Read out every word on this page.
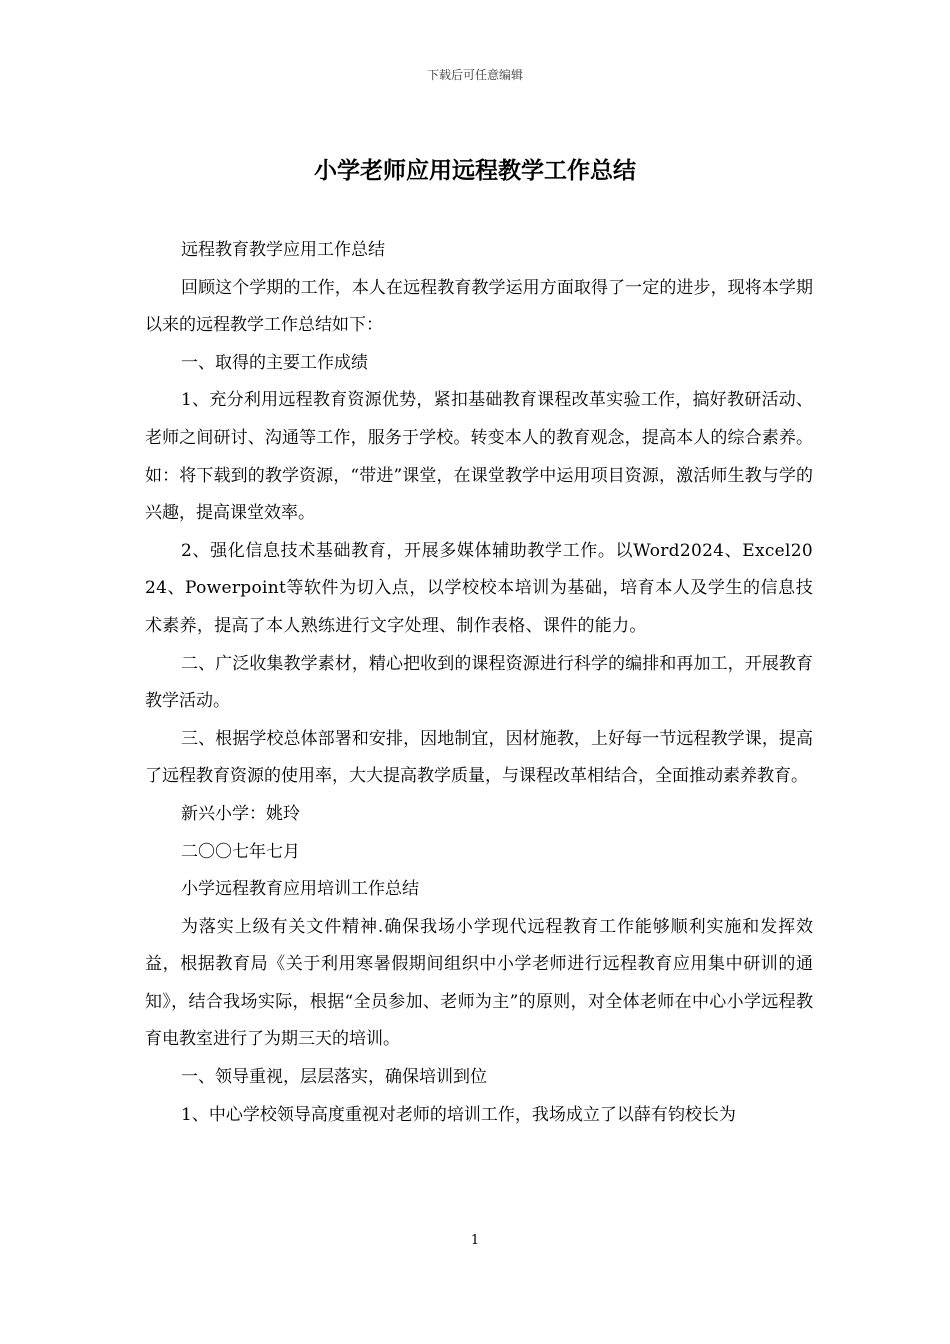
下载后可任意编辑
小学老师应用远程教学工作总结

远程教育教学应用工作总结

回顾这个学期的工作，本人在远程教育教学运用方面取得了一定的进步，现将本学期以来的远程教学工作总结如下：

一、取得的主要工作成绩

1、充分利用远程教育资源优势，紧扣基础教育课程改革实验工作，搞好教研活动、老师之间研讨、沟通等工作，服务于学校。转变本人的教育观念，提高本人的综合素养。如：将下载到的教学资源，“带进”课堂，在课堂教学中运用项目资源，激活师生教与学的兴趣，提高课堂效率。

2、强化信息技术基础教育，开展多媒体辅助教学工作。以Word2024、Excel2024、Powerpoint等软件为切入点，以学校校本培训为基础，培育本人及学生的信息技术素养，提高了本人熟练进行文字处理、制作表格、课件的能力。

二、广泛收集教学素材，精心把收到的课程资源进行科学的编排和再加工，开展教育教学活动。

三、根据学校总体部署和安排，因地制宜，因材施教，上好每一节远程教学课，提高了远程教育资源的使用率，大大提高教学质量，与课程改革相结合，全面推动素养教育。

新兴小学：姚玲

二〇〇七年七月

小学远程教育应用培训工作总结

为落实上级有关文件精神.确保我场小学现代远程教育工作能够顺利实施和发挥效益，根据教育局《关于利用寒暑假期间组织中小学老师进行远程教育应用集中研训的通知》，结合我场实际，根据“全员参加、老师为主”的原则，对全体老师在中心小学远程教育电教室进行了为期三天的培训。

一、领导重视，层层落实，确保培训到位

1、中心学校领导高度重视对老师的培训工作，我场成立了以薛有钧校长为

1
